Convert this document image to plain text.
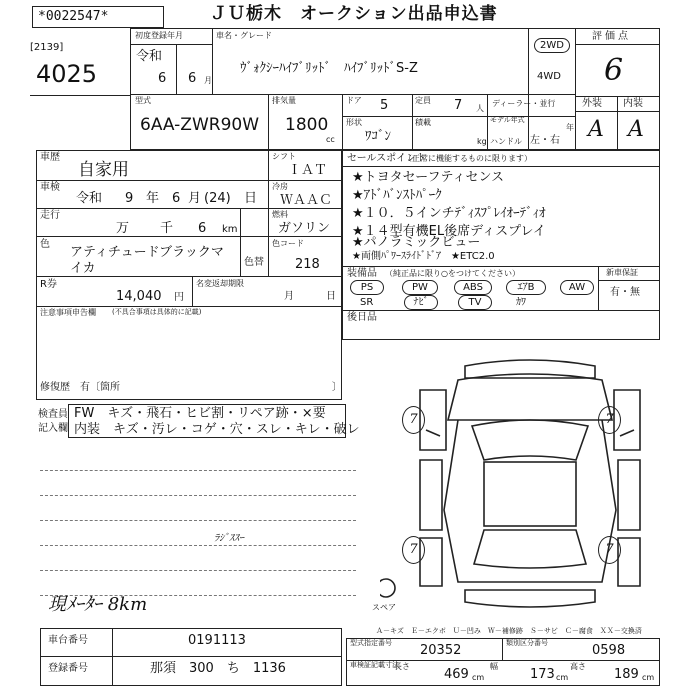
*0022547*	ＪＵ栃木　オークション出品申込書
[2139]
4025
初度登録年月
令和
6 6 月
車名・グレード
ｳﾞｫｸｼｰﾊｲﾌﾞﾘｯﾄﾞ　ﾊｲﾌﾞﾘｯﾄﾞS-Z
2WD
4WD
評価点
6
外装 内装
A A
型式
6AA-ZWR90W
排気量
1800
cc
ドア 5	定員 7 人
ディーラー・並行
形状
ﾜｺﾞﾝ
積載
kg
モデル年式
年
ハンドル 左・右
車歴
自家用
シフト
ＩＡＴ
車検
令和 9 年 6 月 (24) 日
冷房
ＷＡＡＣ
走行
万 千 6 km
燃料
ガソリン
色
アティチュードブラックマ
イカ	色替
色コード
218
R券
14,040 円
名変返却期限
月	日
注意事項申告欄 (不具合事項は具体的に記載)
修復歴　有〔箇所	〕
セールスポイント
（正常に機能するものに限ります）
★トヨタセーフティセンス
★ｱﾄﾞﾊﾞﾝｽﾄﾊﾟｰｸ
★１０．５インチﾃﾞｨｽﾌﾟﾚｲｵｰﾃﾞｨｵ
★１４型有機EL後席ディスプレイ
★パノラミックビュー
★両側ﾊﾟﾜｰｽﾗｲﾄﾞﾄﾞｱ　★ETC2.0
装備品 （純正品に限り○をつけてください）	新車保証
有・無
PS	PW	ABS	ｴｱB	AW
SR	ﾅﾋﾞ	TV	ｶﾜ
後日品
検査員
記入欄
FW　キズ・飛石・ヒビ割・リペア跡・×要
内装　キズ・汚レ・コゲ・穴・スレ・キレ・破レ
ﾗｼﾞｽｽｰ
現ﾒｰﾀｰ 8km
7	7
7	7
スペア
車台番号	0191113
登録番号	那須　300　ち　1136
Ａ－キズ　Ｅ－エクボ　Ｕ－凹み　Ｗ－補修跡　Ｓ－サビ　Ｃ－腐食　ＸＸ－交換済
型式指定番号 20352	類別区分番号	0598
車検証記載寸法
長さ
469 cm
幅
173 cm
高さ
189 cm
